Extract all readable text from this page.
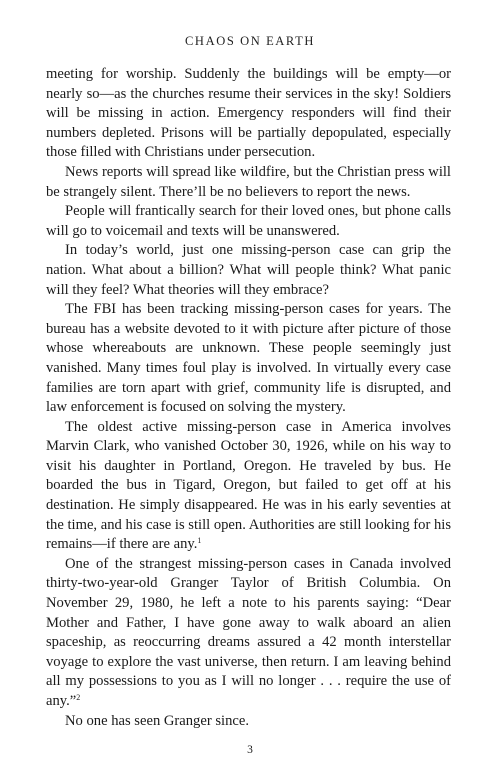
CHAOS ON EARTH

meeting for worship. Suddenly the buildings will be empty—or nearly so—as the churches resume their services in the sky! Soldiers will be missing in action. Emergency responders will find their numbers depleted. Prisons will be partially depopulated, especially those filled with Christians under persecution.

News reports will spread like wildfire, but the Christian press will be strangely silent. There’ll be no believers to report the news.

People will frantically search for their loved ones, but phone calls will go to voicemail and texts will be unanswered.

In today’s world, just one missing-person case can grip the nation. What about a billion? What will people think? What panic will they feel? What theories will they embrace?

The FBI has been tracking missing-person cases for years. The bureau has a website devoted to it with picture after picture of those whose whereabouts are unknown. These people seemingly just vanished. Many times foul play is involved. In virtually every case families are torn apart with grief, community life is disrupted, and law enforcement is focused on solving the mystery.

The oldest active missing-person case in America involves Marvin Clark, who vanished October 30, 1926, while on his way to visit his daughter in Portland, Oregon. He traveled by bus. He boarded the bus in Tigard, Oregon, but failed to get off at his destination. He simply disappeared. He was in his early seventies at the time, and his case is still open. Authorities are still looking for his remains—if there are any.$^1$

One of the strangest missing-person cases in Canada involved thirty-two-year-old Granger Taylor of British Columbia. On November 29, 1980, he left a note to his parents saying: “Dear Mother and Father, I have gone away to walk aboard an alien spaceship, as reoccurring dreams assured a 42 month interstellar voyage to explore the vast universe, then return. I am leaving behind all my possessions to you as I will no longer . . . require the use of any.”$^2$

No one has seen Granger since.

3
